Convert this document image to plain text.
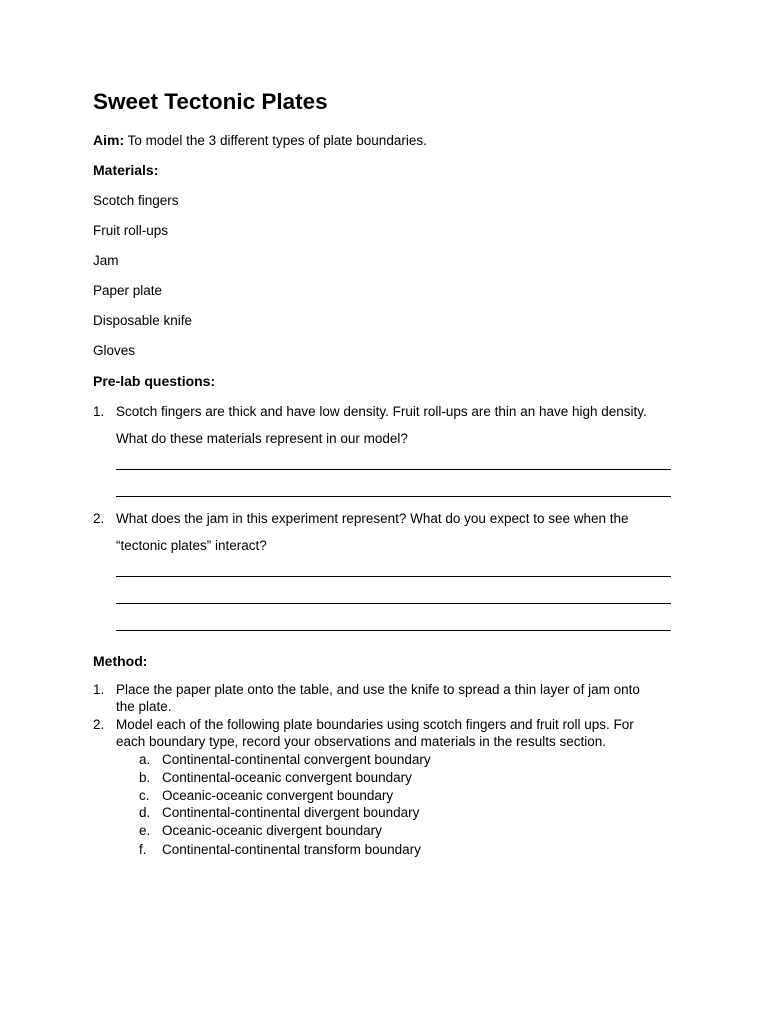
Sweet Tectonic Plates
Aim: To model the 3 different types of plate boundaries.
Materials:
Scotch fingers
Fruit roll-ups
Jam
Paper plate
Disposable knife
Gloves
Pre-lab questions:
1. Scotch fingers are thick and have low density. Fruit roll-ups are thin an have high density.
What do these materials represent in our model?
2. What does the jam in this experiment represent? What do you expect to see when the
“tectonic plates” interact?
Method:
1. Place the paper plate onto the table, and use the knife to spread a thin layer of jam onto
the plate.
2. Model each of the following plate boundaries using scotch fingers and fruit roll ups. For
each boundary type, record your observations and materials in the results section.
a. Continental-continental convergent boundary
b. Continental-oceanic convergent boundary
c. Oceanic-oceanic convergent boundary
d. Continental-continental divergent boundary
e. Oceanic-oceanic divergent boundary
f. Continental-continental transform boundary
